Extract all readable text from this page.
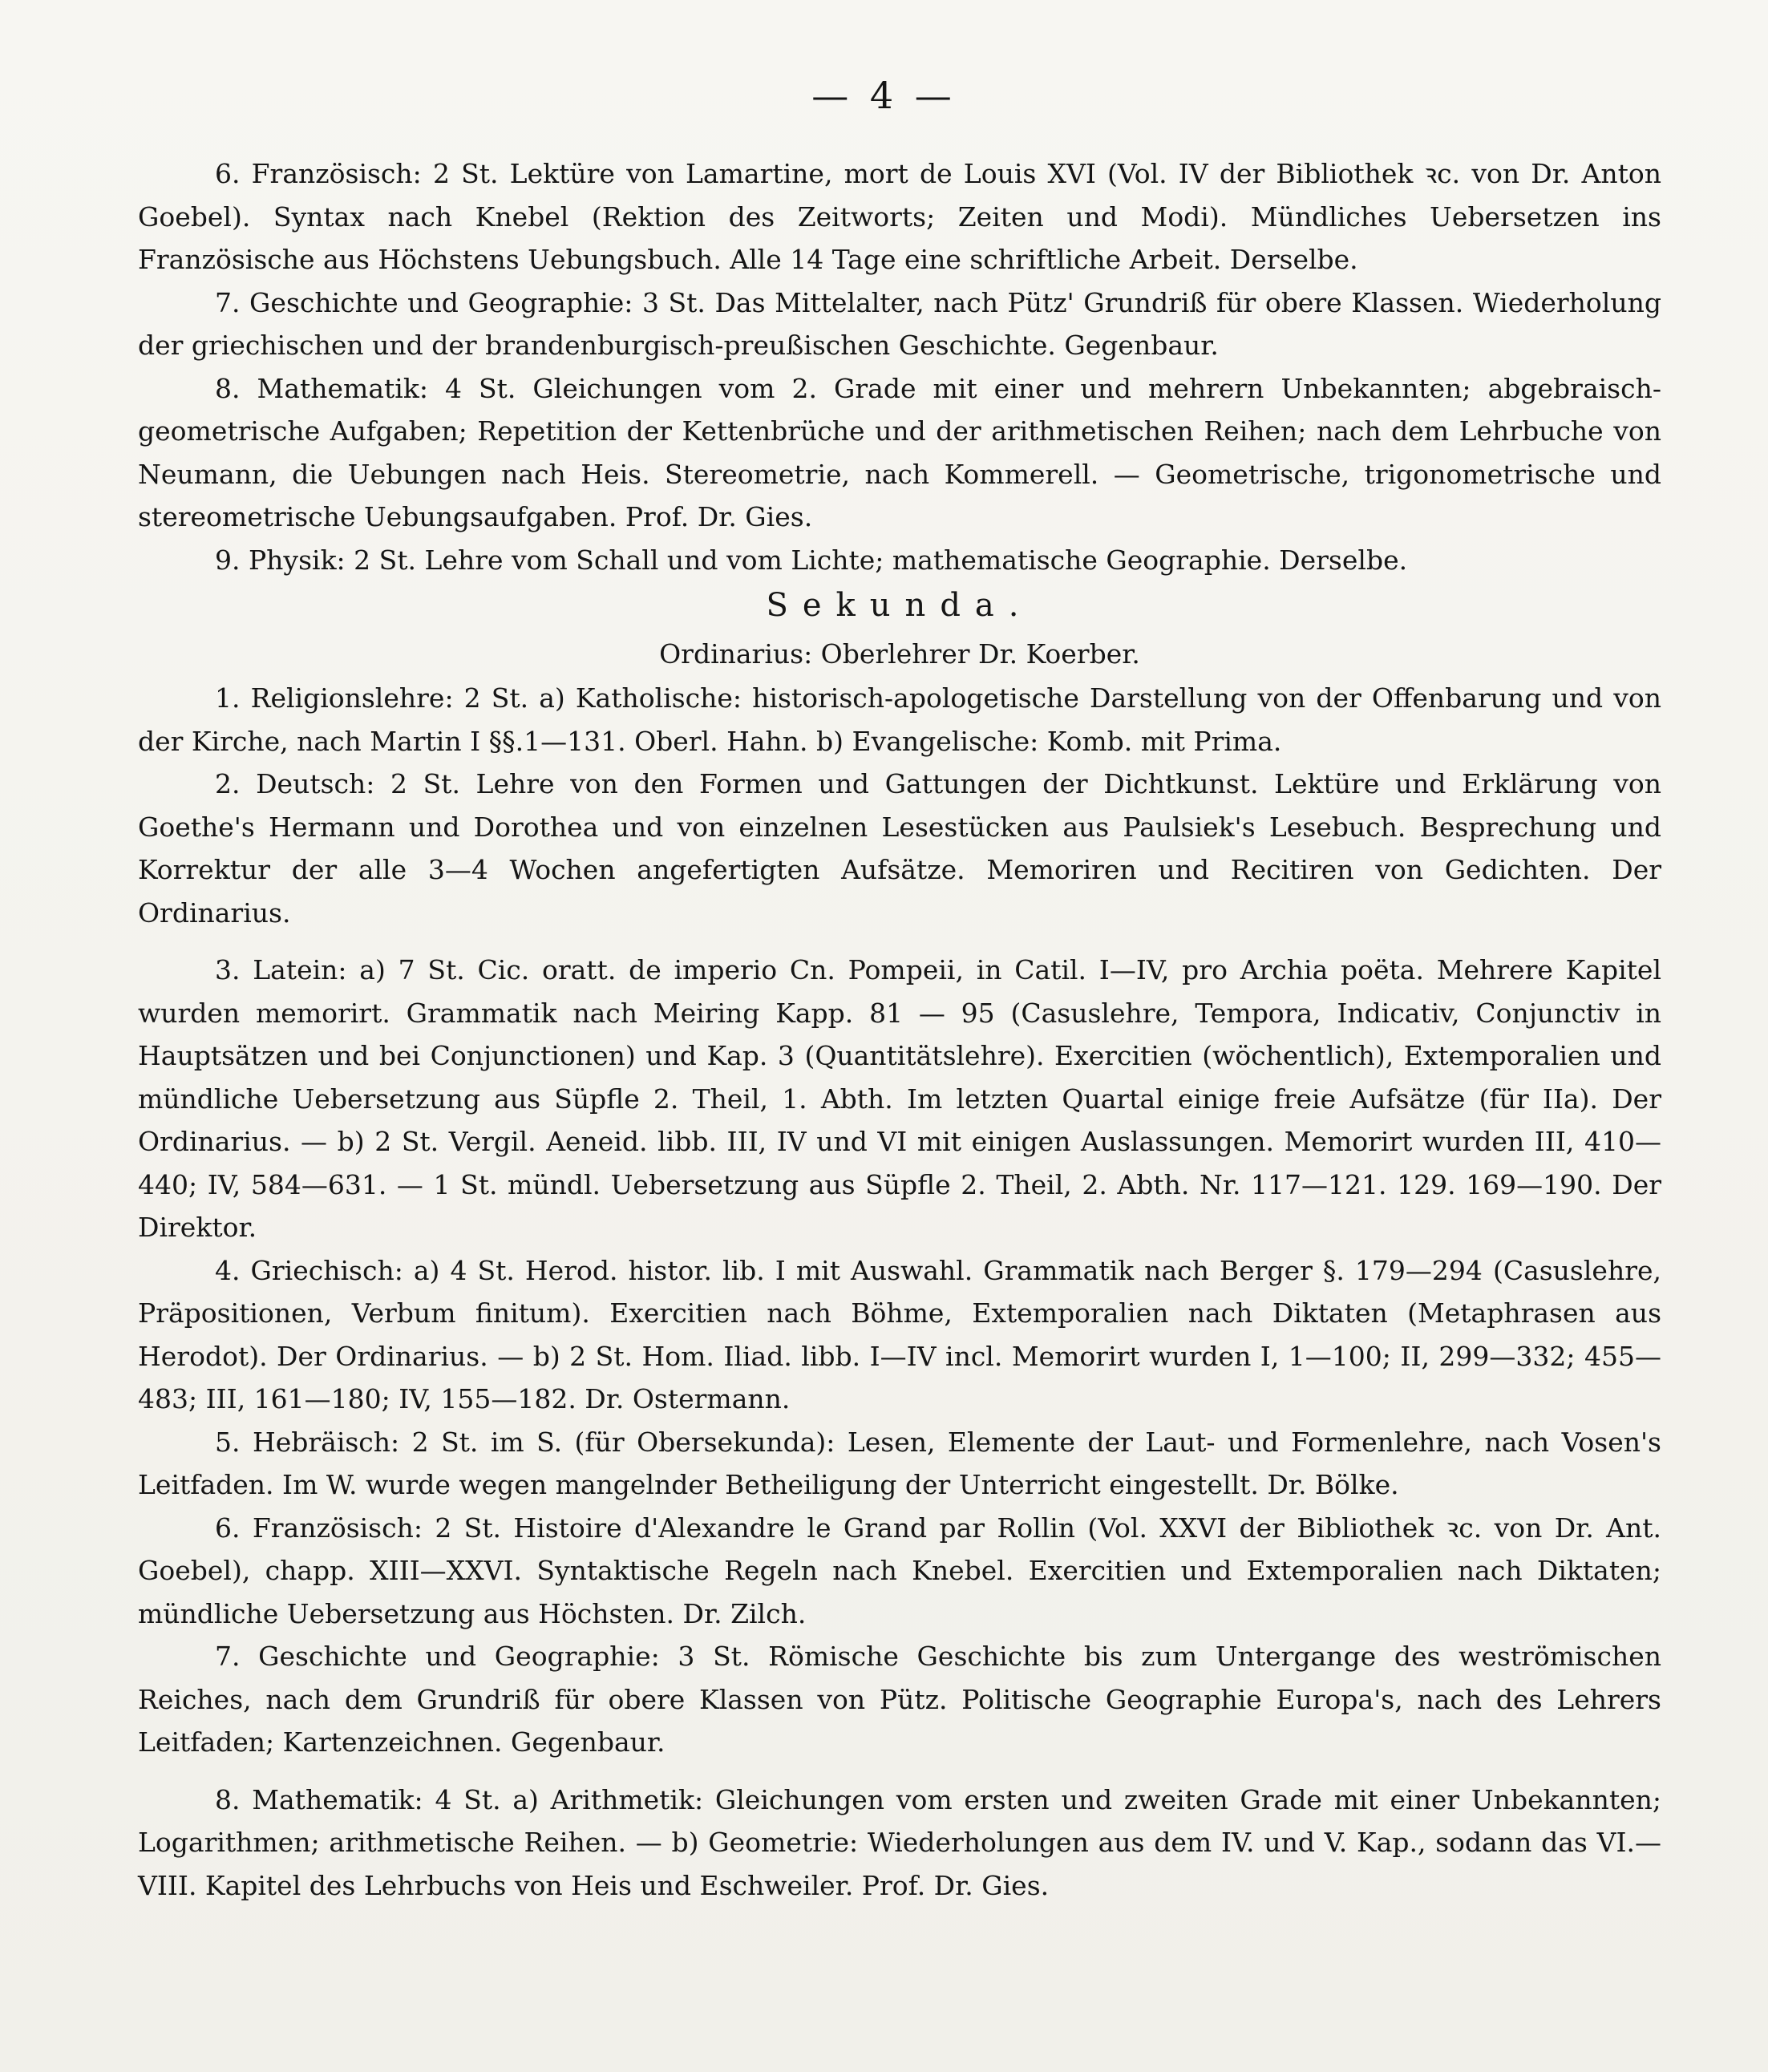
— 4 —

6. Französisch: 2 St. Lektüre von Lamartine, mort de Louis XVI (Vol. IV der Bibliothek ꝛc. von Dr. Anton Goebel). Syntax nach Knebel (Rektion des Zeitworts; Zeiten und Modi). Mündliches Uebersetzen ins Französische aus Höchstens Uebungsbuch. Alle 14 Tage eine schriftliche Arbeit. Derselbe.

7. Geschichte und Geographie: 3 St. Das Mittelalter, nach Pütz' Grundriß für obere Klassen. Wiederholung der griechischen und der brandenburgisch-preußischen Geschichte. Gegenbaur.

8. Mathematik: 4 St. Gleichungen vom 2. Grade mit einer und mehrern Unbekannten; abgebraisch-geometrische Aufgaben; Repetition der Kettenbrüche und der arithmetischen Reihen; nach dem Lehrbuche von Neumann, die Uebungen nach Heis. Stereometrie, nach Kommerell. — Geometrische, trigonometrische und stereometrische Uebungsaufgaben. Prof. Dr. Gies.

9. Physik: 2 St. Lehre vom Schall und vom Lichte; mathematische Geographie. Derselbe.

Sekunda.
Ordinarius: Oberlehrer Dr. Koerber.

1. Religionslehre: 2 St. a) Katholische: historisch-apologetische Darstellung von der Offenbarung und von der Kirche, nach Martin I §§.1—131. Oberl. Hahn. b) Evangelische: Komb. mit Prima.

2. Deutsch: 2 St. Lehre von den Formen und Gattungen der Dichtkunst. Lektüre und Erklärung von Goethe's Hermann und Dorothea und von einzelnen Lesestücken aus Paulsiek's Lesebuch. Besprechung und Korrektur der alle 3—4 Wochen angefertigten Aufsätze. Memoriren und Recitiren von Gedichten. Der Ordinarius.

3. Latein: a) 7 St. Cic. oratt. de imperio Cn. Pompeii, in Catil. I—IV, pro Archia poëta. Mehrere Kapitel wurden memorirt. Grammatik nach Meiring Kapp. 81 — 95 (Casuslehre, Tempora, Indicativ, Conjunctiv in Hauptsätzen und bei Conjunctionen) und Kap. 3 (Quantitätslehre). Exercitien (wöchentlich), Extemporalien und mündliche Uebersetzung aus Süpfle 2. Theil, 1. Abth. Im letzten Quartal einige freie Aufsätze (für IIa). Der Ordinarius. — b) 2 St. Vergil. Aeneid. libb. III, IV und VI mit einigen Auslassungen. Memorirt wurden III, 410—440; IV, 584—631. — 1 St. mündl. Uebersetzung aus Süpfle 2. Theil, 2. Abth. Nr. 117—121. 129. 169—190. Der Direktor.

4. Griechisch: a) 4 St. Herod. histor. lib. I mit Auswahl. Grammatik nach Berger §. 179—294 (Casuslehre, Präpositionen, Verbum finitum). Exercitien nach Böhme, Extemporalien nach Diktaten (Metaphrasen aus Herodot). Der Ordinarius. — b) 2 St. Hom. Iliad. libb. I—IV incl. Memorirt wurden I, 1—100; II, 299—332; 455—483; III, 161—180; IV, 155—182. Dr. Ostermann.

5. Hebräisch: 2 St. im S. (für Obersekunda): Lesen, Elemente der Laut- und Formenlehre, nach Vosen's Leitfaden. Im W. wurde wegen mangelnder Betheiligung der Unterricht eingestellt. Dr. Bölke.

6. Französisch: 2 St. Histoire d'Alexandre le Grand par Rollin (Vol. XXVI der Bibliothek ꝛc. von Dr. Ant. Goebel), chapp. XIII—XXVI. Syntaktische Regeln nach Knebel. Exercitien und Extemporalien nach Diktaten; mündliche Uebersetzung aus Höchsten. Dr. Zilch.

7. Geschichte und Geographie: 3 St. Römische Geschichte bis zum Untergange des weströmischen Reiches, nach dem Grundriß für obere Klassen von Pütz. Politische Geographie Europa's, nach des Lehrers Leitfaden; Kartenzeichnen. Gegenbaur.

8. Mathematik: 4 St. a) Arithmetik: Gleichungen vom ersten und zweiten Grade mit einer Unbekannten; Logarithmen; arithmetische Reihen. — b) Geometrie: Wiederholungen aus dem IV. und V. Kap., sodann das VI.—VIII. Kapitel des Lehrbuchs von Heis und Eschweiler. Prof. Dr. Gies.
